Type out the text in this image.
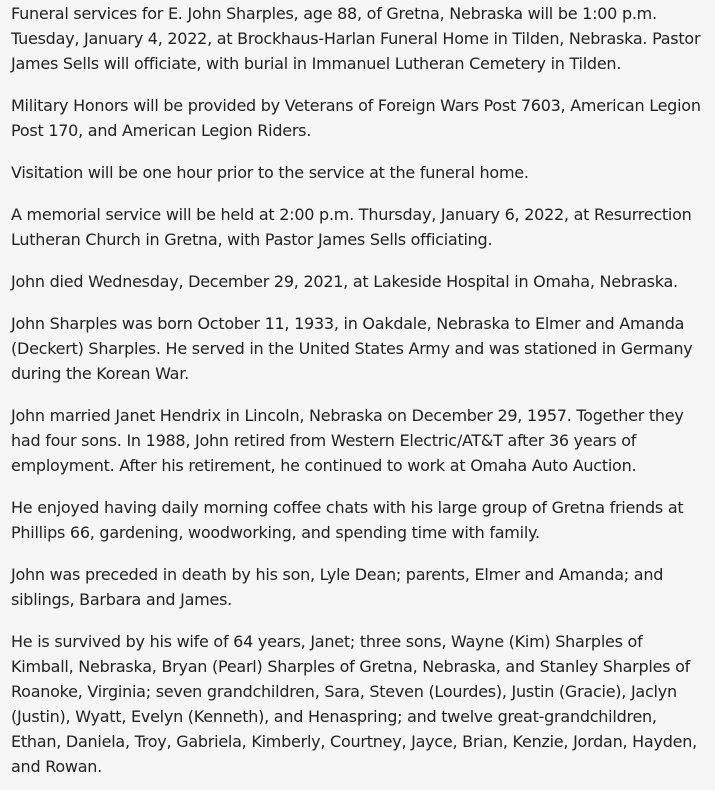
Funeral services for E. John Sharples, age 88, of Gretna, Nebraska will be 1:00 p.m. Tuesday, January 4, 2022, at Brockhaus-Harlan Funeral Home in Tilden, Nebraska. Pastor James Sells will officiate, with burial in Immanuel Lutheran Cemetery in Tilden.

Military Honors will be provided by Veterans of Foreign Wars Post 7603, American Legion Post 170, and American Legion Riders.

Visitation will be one hour prior to the service at the funeral home.

A memorial service will be held at 2:00 p.m. Thursday, January 6, 2022, at Resurrection Lutheran Church in Gretna, with Pastor James Sells officiating.

John died Wednesday, December 29, 2021, at Lakeside Hospital in Omaha, Nebraska.

John Sharples was born October 11, 1933, in Oakdale, Nebraska to Elmer and Amanda (Deckert) Sharples. He served in the United States Army and was stationed in Germany during the Korean War.

John married Janet Hendrix in Lincoln, Nebraska on December 29, 1957. Together they had four sons. In 1988, John retired from Western Electric/AT&T after 36 years of employment. After his retirement, he continued to work at Omaha Auto Auction.

He enjoyed having daily morning coffee chats with his large group of Gretna friends at Phillips 66, gardening, woodworking, and spending time with family.

John was preceded in death by his son, Lyle Dean; parents, Elmer and Amanda; and siblings, Barbara and James.

He is survived by his wife of 64 years, Janet; three sons, Wayne (Kim) Sharples of Kimball, Nebraska, Bryan (Pearl) Sharples of Gretna, Nebraska, and Stanley Sharples of Roanoke, Virginia; seven grandchildren, Sara, Steven (Lourdes), Justin (Gracie), Jaclyn (Justin), Wyatt, Evelyn (Kenneth), and Henaspring; and twelve great-grandchildren, Ethan, Daniela, Troy, Gabriela, Kimberly, Courtney, Jayce, Brian, Kenzie, Jordan, Hayden, and Rowan.
